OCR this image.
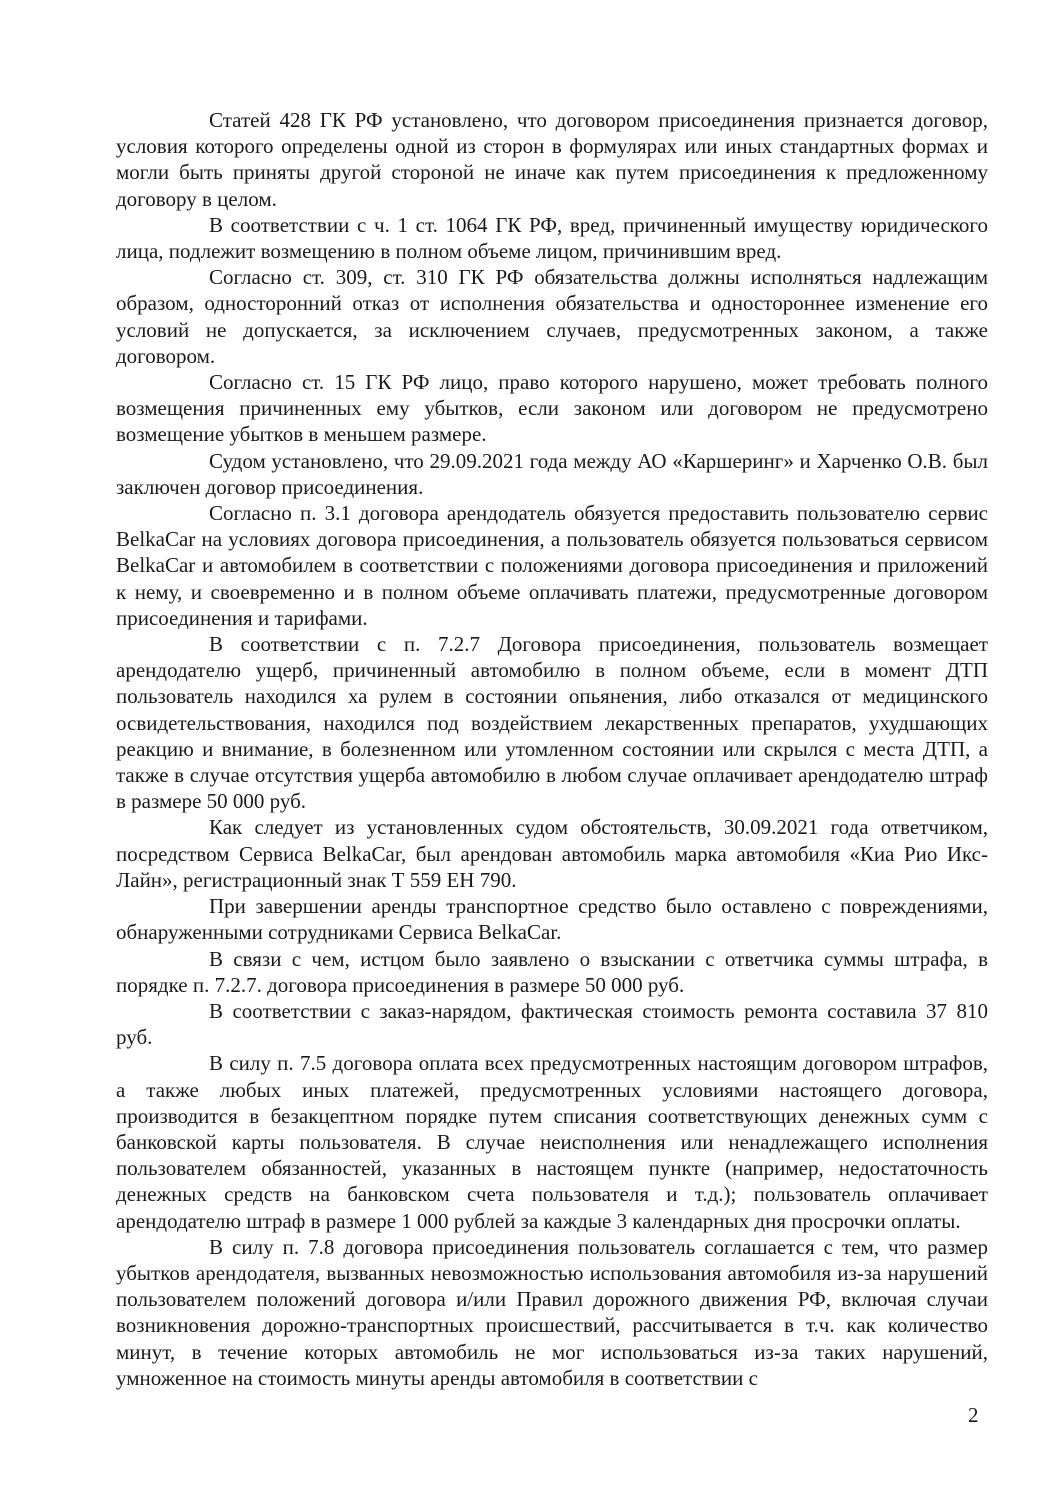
Статей 428 ГК РФ установлено, что договором присоединения признается договор, условия которого определены одной из сторон в формулярах или иных стандартных формах и могли быть приняты другой стороной не иначе как путем присоединения к предложенному договору в целом.

В соответствии с ч. 1 ст. 1064 ГК РФ, вред, причиненный имуществу юридического лица, подлежит возмещению в полном объеме лицом, причинившим вред.

Согласно ст. 309, ст. 310 ГК РФ обязательства должны исполняться надлежащим образом, односторонний отказ от исполнения обязательства и одностороннее изменение его условий не допускается, за исключением случаев, предусмотренных законом, а также договором.

Согласно ст. 15 ГК РФ лицо, право которого нарушено, может требовать полного возмещения причиненных ему убытков, если законом или договором не предусмотрено возмещение убытков в меньшем размере.

Судом установлено, что 29.09.2021 года между АО «Каршеринг» и Харченко О.В. был заключен договор присоединения.

Согласно п. 3.1 договора арендодатель обязуется предоставить пользователю сервис BelkaCar на условиях договора присоединения, а пользователь обязуется пользоваться сервисом BelkaCar и автомобилем в соответствии с положениями договора присоединения и приложений к нему, и своевременно и в полном объеме оплачивать платежи, предусмотренные договором присоединения и тарифами.

В соответствии с п. 7.2.7 Договора присоединения, пользователь возмещает арендодателю ущерб, причиненный автомобилю в полном объеме, если в момент ДТП пользователь находился ха рулем в состоянии опьянения, либо отказался от медицинского освидетельствования, находился под воздействием лекарственных препаратов, ухудшающих реакцию и внимание, в болезненном или утомленном состоянии или скрылся с места ДТП, а также в случае отсутствия ущерба автомобилю в любом случае оплачивает арендодателю штраф в размере 50 000 руб.

Как следует из установленных судом обстоятельств, 30.09.2021 года ответчиком, посредством Сервиса BelkaCar, был арендован автомобиль марка автомобиля «Киа Рио Икс-Лайн», регистрационный знак Т 559 ЕН 790.

При завершении аренды транспортное средство было оставлено с повреждениями, обнаруженными сотрудниками Сервиса BelkaCar.

В связи с чем, истцом было заявлено о взыскании с ответчика суммы штрафа, в порядке п. 7.2.7. договора присоединения в размере 50 000 руб.

В соответствии с заказ-нарядом, фактическая стоимость ремонта составила 37 810 руб.

В силу п. 7.5 договора оплата всех предусмотренных настоящим договором штрафов, а также любых иных платежей, предусмотренных условиями настоящего договора, производится в безакцептном порядке путем списания соответствующих денежных сумм с банковской карты пользователя. В случае неисполнения или ненадлежащего исполнения пользователем обязанностей, указанных в настоящем пункте (например, недостаточность денежных средств на банковском счета пользователя и т.д.); пользователь оплачивает арендодателю штраф в размере 1 000 рублей за каждые 3 календарных дня просрочки оплаты.

В силу п. 7.8 договора присоединения пользователь соглашается с тем, что размер убытков арендодателя, вызванных невозможностью использования автомобиля из-за нарушений пользователем положений договора и/или Правил дорожного движения РФ, включая случаи возникновения дорожно-транспортных происшествий, рассчитывается в т.ч. как количество минут, в течение которых автомобиль не мог использоваться из-за таких нарушений, умноженное на стоимость минуты аренды автомобиля в соответствии с

2
